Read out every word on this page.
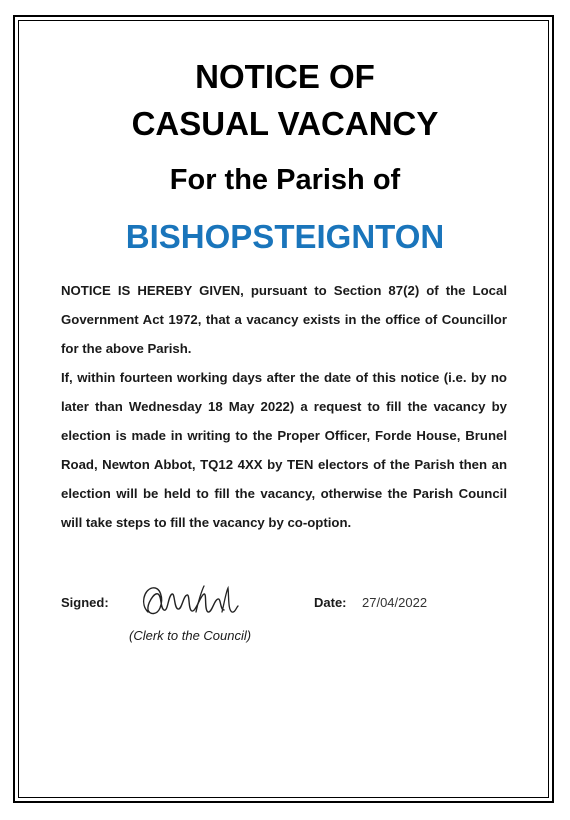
NOTICE OF
CASUAL VACANCY
For the Parish of
BISHOPSTEIGNTON

NOTICE IS HEREBY GIVEN, pursuant to Section 87(2) of the Local Government Act 1972, that a vacancy exists in the office of Councillor for the above Parish.

If, within fourteen working days after the date of this notice (i.e. by no later than Wednesday 18 May 2022) a request to fill the vacancy by election is made in writing to the Proper Officer, Forde House, Brunel Road, Newton Abbot, TQ12 4XX by TEN electors of the Parish then an election will be held to fill the vacancy, otherwise the Parish Council will take steps to fill the vacancy by co-option.

Signed:
(Clerk to the Council)
Date: 27/04/2022
